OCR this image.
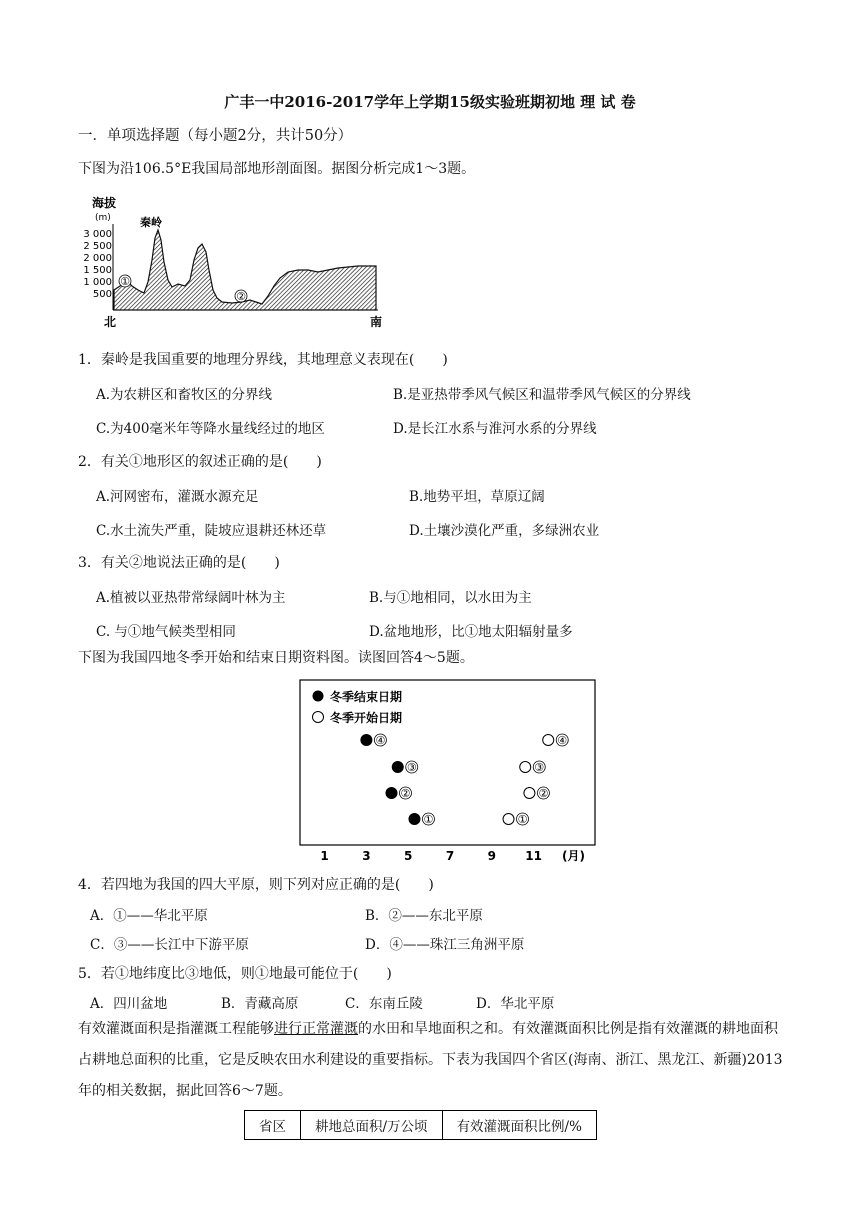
广丰一中2016-2017学年上学期15级实验班期初地 理 试 卷
一．单项选择题（每小题2分，共计50分）
下图为沿106.5°E我国局部地形剖面图。据图分析完成1～3题。
海拔
(m)
3 000
2 500
2 000
1 500
1 000
500
秦岭
①
②
北	南
1．秦岭是我国重要的地理分界线，其地理意义表现在(　　)
A.为农耕区和畜牧区的分界线	B.是亚热带季风气候区和温带季风气候区的分界线
C.为400毫米年等降水量线经过的地区	D.是长江水系与淮河水系的分界线
2．有关①地形区的叙述正确的是(　　)
A.河网密布，灌溉水源充足	B.地势平坦，草原辽阔
C.水土流失严重，陡坡应退耕还林还草	D.土壤沙漠化严重，多绿洲农业
3．有关②地说法正确的是(　　)
A.植被以亚热带常绿阔叶林为主	B.与①地相同，以水田为主
C. 与①地气候类型相同	D.盆地地形，比①地太阳辐射量多
下图为我国四地冬季开始和结束日期资料图。读图回答4～5题。
冬季结束日期
冬季开始日期
1	3	5	7	9 11
④
③
②
①
④
③
②
①
(月)
4．若四地为我国的四大平原，则下列对应正确的是(　　)
A．①——华北平原	B．②——东北平原
C．③——长江中下游平原	D．④——珠江三角洲平原
5．若①地纬度比③地低，则①地最可能位于(　　)
A．四川盆地	B．青藏高原	C．东南丘陵	D．华北平原
有效灌溉面积是指灌溉工程能够进行正常灌溉的水田和旱地面积之和。有效灌溉面积比例是指有效灌溉的耕地面积占耕地总面积的比重，它是反映农田水利建设的重要指标。下表为我国四个省区(海南、浙江、黑龙江、新疆)2013年的相关数据，据此回答6～7题。
省区	耕地总面积/万公顷	有效灌溉面积比例/%
